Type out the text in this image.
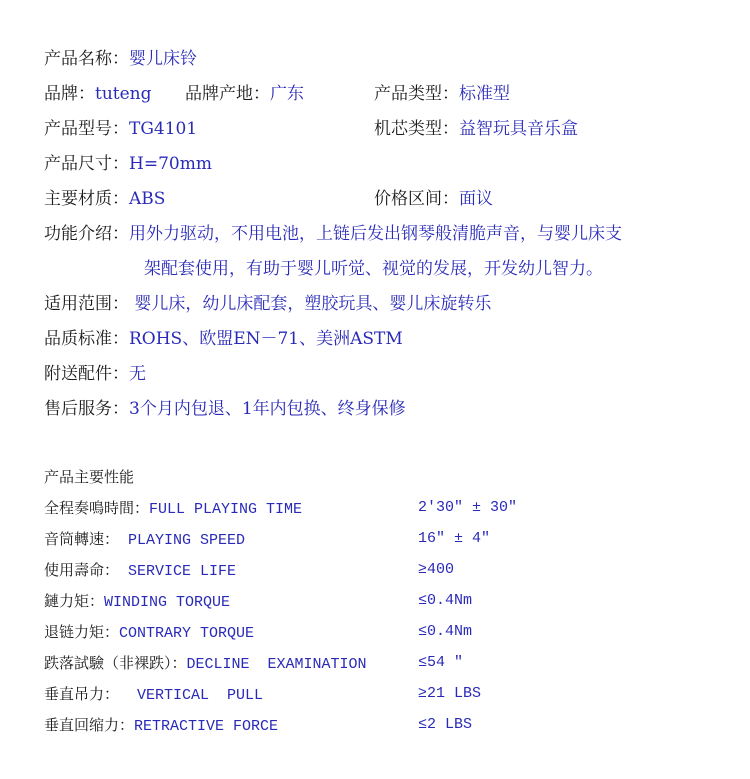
产品名称：婴儿床铃
品牌：tuteng 品牌产地：广东	产品类型：标准型
产品型号：TG4101	机芯类型：益智玩具音乐盒
产品尺寸：H=70mm
主要材质：ABS	价格区间：面议
功能介绍：用外力驱动，不用电池，上链后发出钢琴般清脆声音，与婴儿床支
架配套使用，有助于婴儿听觉、视觉的发展，开发幼儿智力。
适用范围： 婴儿床，幼儿床配套，塑胶玩具、婴儿床旋转乐
品质标准：ROHS、欧盟EN－71、美洲ASTM
附送配件：无
售后服务：3个月内包退、1年内包换、终身保修
产品主要性能
全程奏鳴時間：FULL PLAYING TIME	2′30″ ± 30″
音筒轉速： PLAYING SPEED	16″ ± 4″
使用壽命： SERVICE LIFE	≥400
鏈力矩：WINDING TORQUE	≤0.4Nm
退链力矩：CONTRARY TORQUE	≤0.4Nm
跌落試驗（非裸跌）：DECLINE  EXAMINATION	≤54 ″
垂直吊力：  VERTICAL  PULL	≥21 LBS
垂直回缩力：RETRACTIVE FORCE	≤2 LBS
